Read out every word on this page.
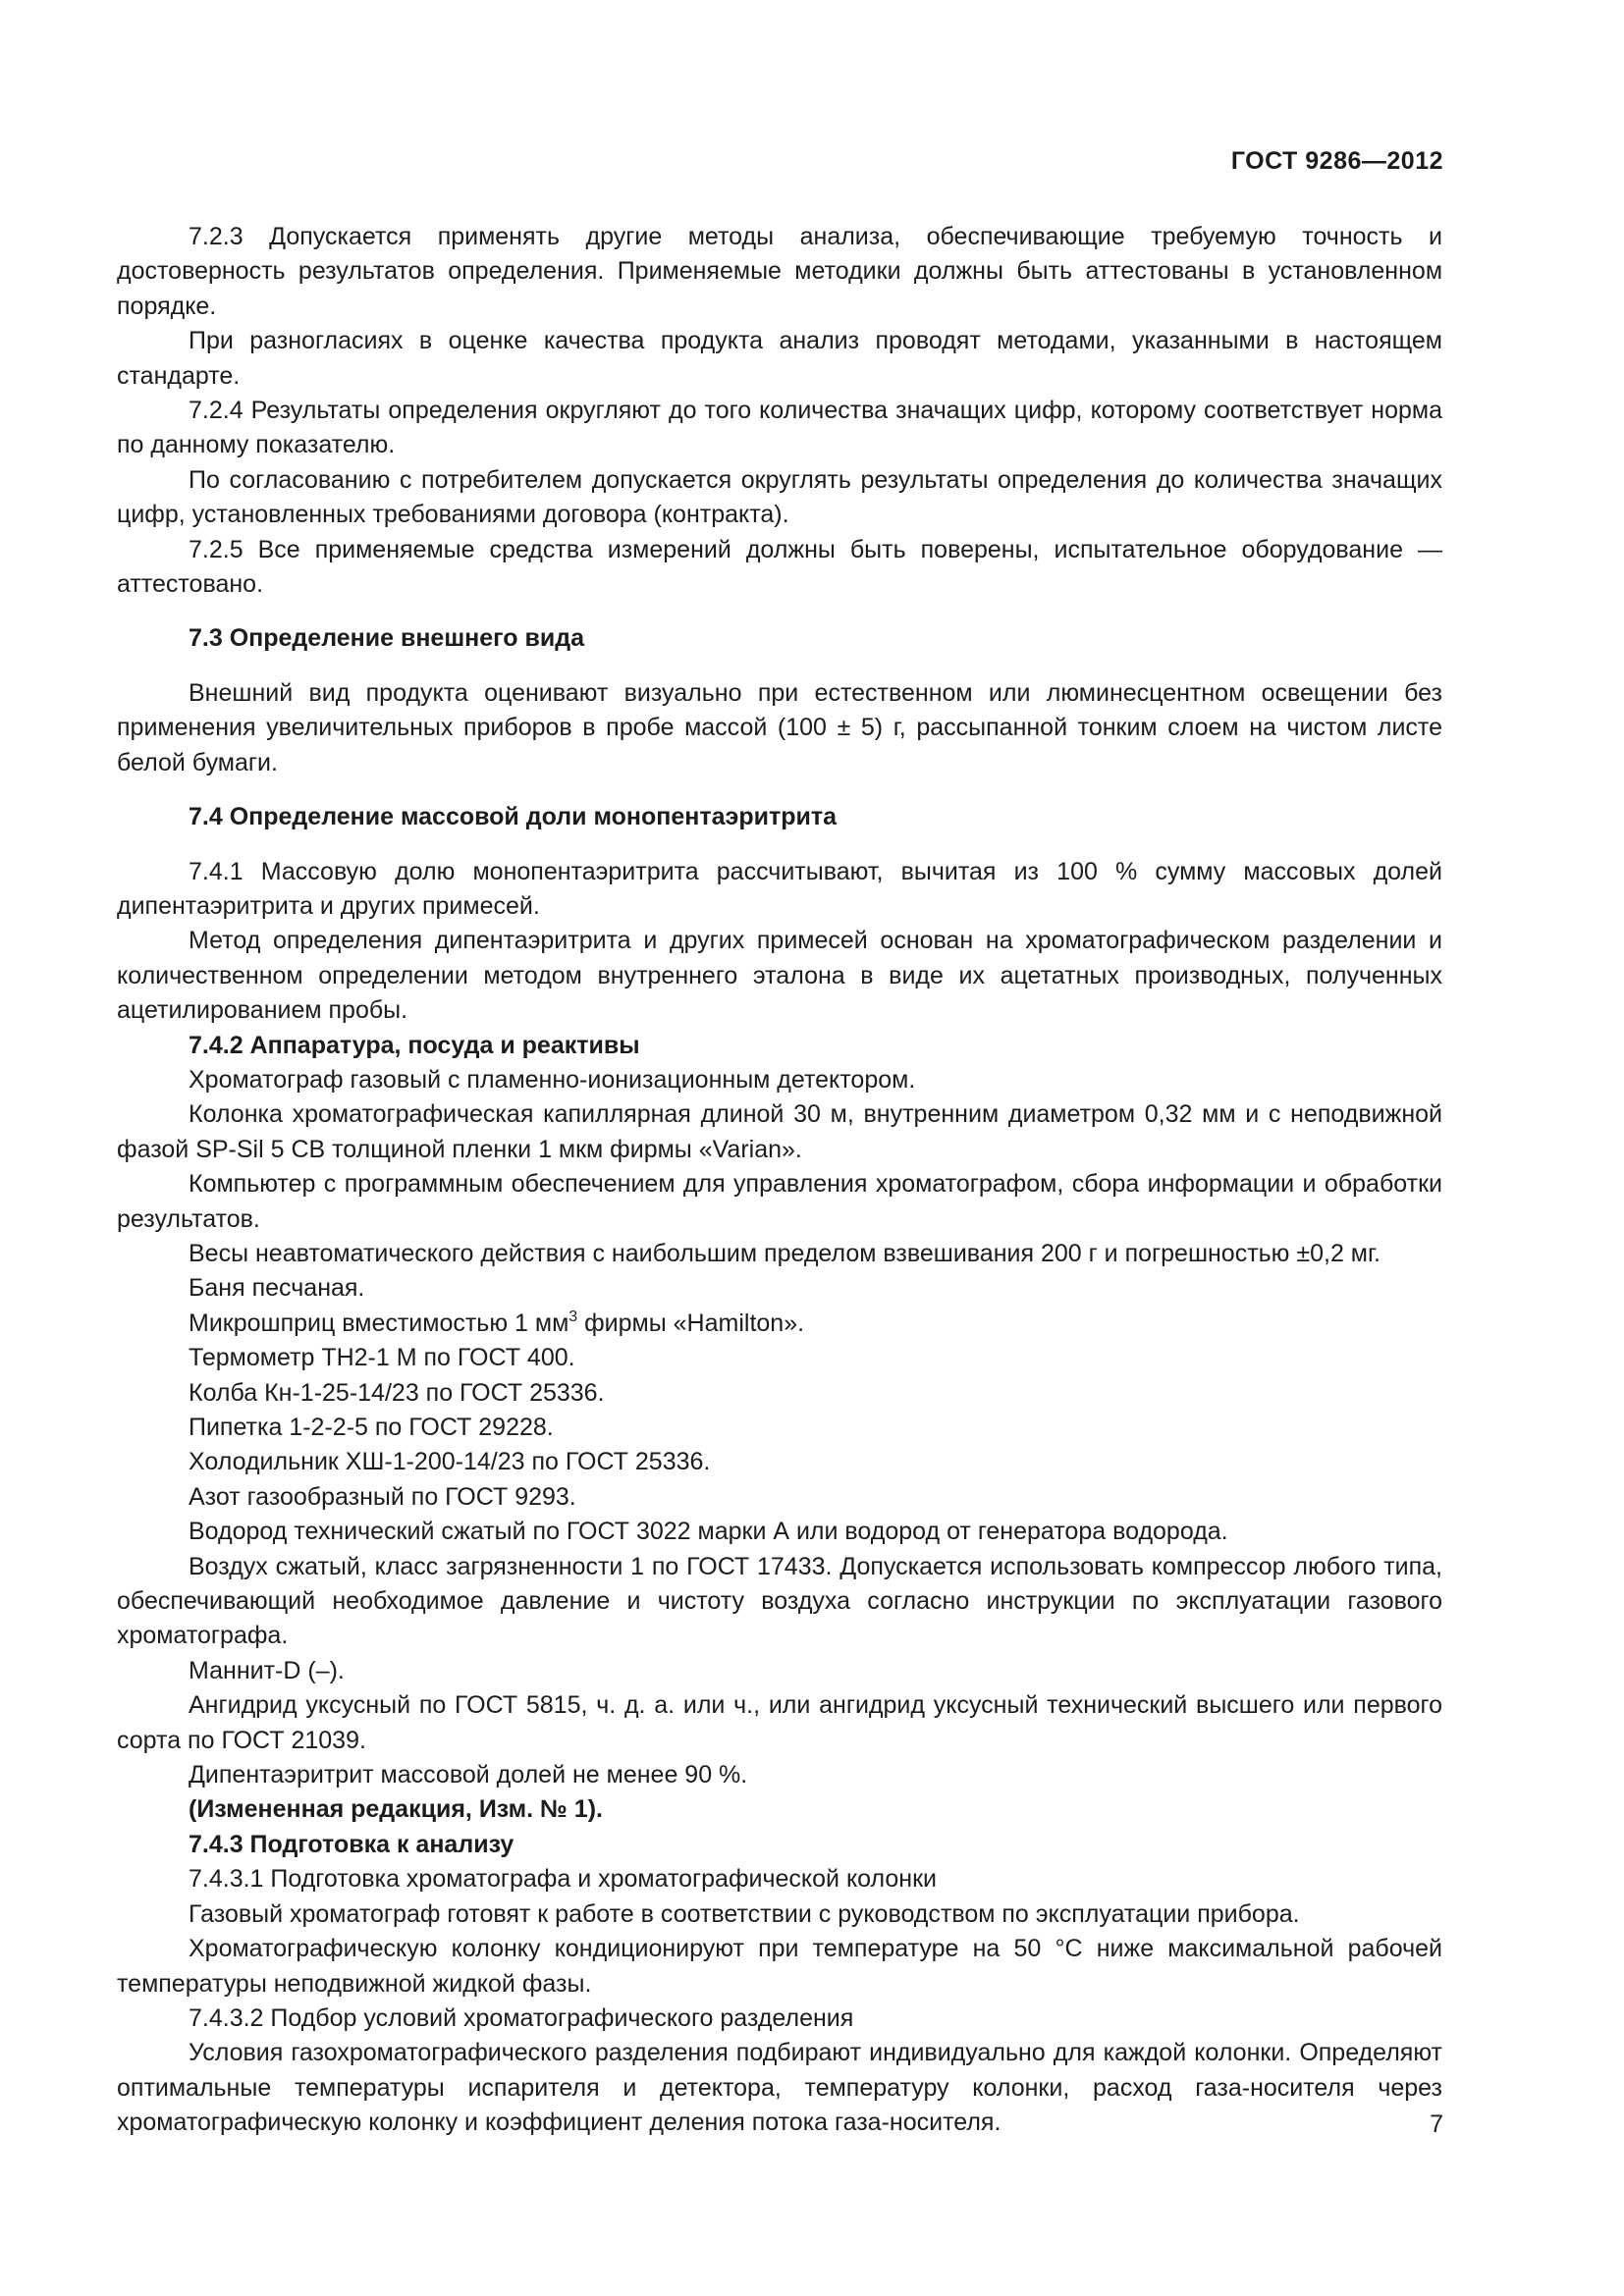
ГОСТ 9286—2012

7.2.3 Допускается применять другие методы анализа, обеспечивающие требуемую точность и достоверность результатов определения. Применяемые методики должны быть аттестованы в установленном порядке.

При разногласиях в оценке качества продукта анализ проводят методами, указанными в настоящем стандарте.

7.2.4 Результаты определения округляют до того количества значащих цифр, которому соответствует норма по данному показателю.

По согласованию с потребителем допускается округлять результаты определения до количества значащих цифр, установленных требованиями договора (контракта).

7.2.5 Все применяемые средства измерений должны быть поверены, испытательное оборудование — аттестовано.

7.3 Определение внешнего вида

Внешний вид продукта оценивают визуально при естественном или люминесцентном освещении без применения увеличительных приборов в пробе массой (100 ± 5) г, рассыпанной тонким слоем на чистом листе белой бумаги.

7.4 Определение массовой доли монопентаэритрита

7.4.1 Массовую долю монопентаэритрита рассчитывают, вычитая из 100 % сумму массовых долей дипентаэритрита и других примесей.

Метод определения дипентаэритрита и других примесей основан на хроматографическом разделении и количественном определении методом внутреннего эталона в виде их ацетатных производных, полученных ацетилированием пробы.

7.4.2 Аппаратура, посуда и реактивы

Хроматограф газовый с пламенно-ионизационным детектором.

Колонка хроматографическая капиллярная длиной 30 м, внутренним диаметром 0,32 мм и с неподвижной фазой SP-Sil 5 CB толщиной пленки 1 мкм фирмы «Varian».

Компьютер с программным обеспечением для управления хроматографом, сбора информации и обработки результатов.

Весы неавтоматического действия с наибольшим пределом взвешивания 200 г и погрешностью ±0,2 мг.

Баня песчаная.

Микрошприц вместимостью 1 $мм^3$ фирмы «Hamilton».

Термометр ТН2-1 М по ГОСТ 400.

Колба Кн-1-25-14/23 по ГОСТ 25336.

Пипетка 1-2-2-5 по ГОСТ 29228.

Холодильник ХШ-1-200-14/23 по ГОСТ 25336.

Азот газообразный по ГОСТ 9293.

Водород технический сжатый по ГОСТ 3022 марки А или водород от генератора водорода.

Воздух сжатый, класс загрязненности 1 по ГОСТ 17433. Допускается использовать компрессор любого типа, обеспечивающий необходимое давление и чистоту воздуха согласно инструкции по эксплуатации газового хроматографа.

Маннит-D (–).

Ангидрид уксусный по ГОСТ 5815, ч. д. а. или ч., или ангидрид уксусный технический высшего или первого сорта по ГОСТ 21039.

Дипентаэритрит массовой долей не менее 90 %.

(Измененная редакция, Изм. № 1).

7.4.3 Подготовка к анализу

7.4.3.1 Подготовка хроматографа и хроматографической колонки

Газовый хроматограф готовят к работе в соответствии с руководством по эксплуатации прибора.

Хроматографическую колонку кондиционируют при температуре на 50 °С ниже максимальной рабочей температуры неподвижной жидкой фазы.

7.4.3.2 Подбор условий хроматографического разделения

Условия газохроматографического разделения подбирают индивидуально для каждой колонки. Определяют оптимальные температуры испарителя и детектора, температуру колонки, расход газа-носителя через хроматографическую колонку и коэффициент деления потока газа-носителя.	7
